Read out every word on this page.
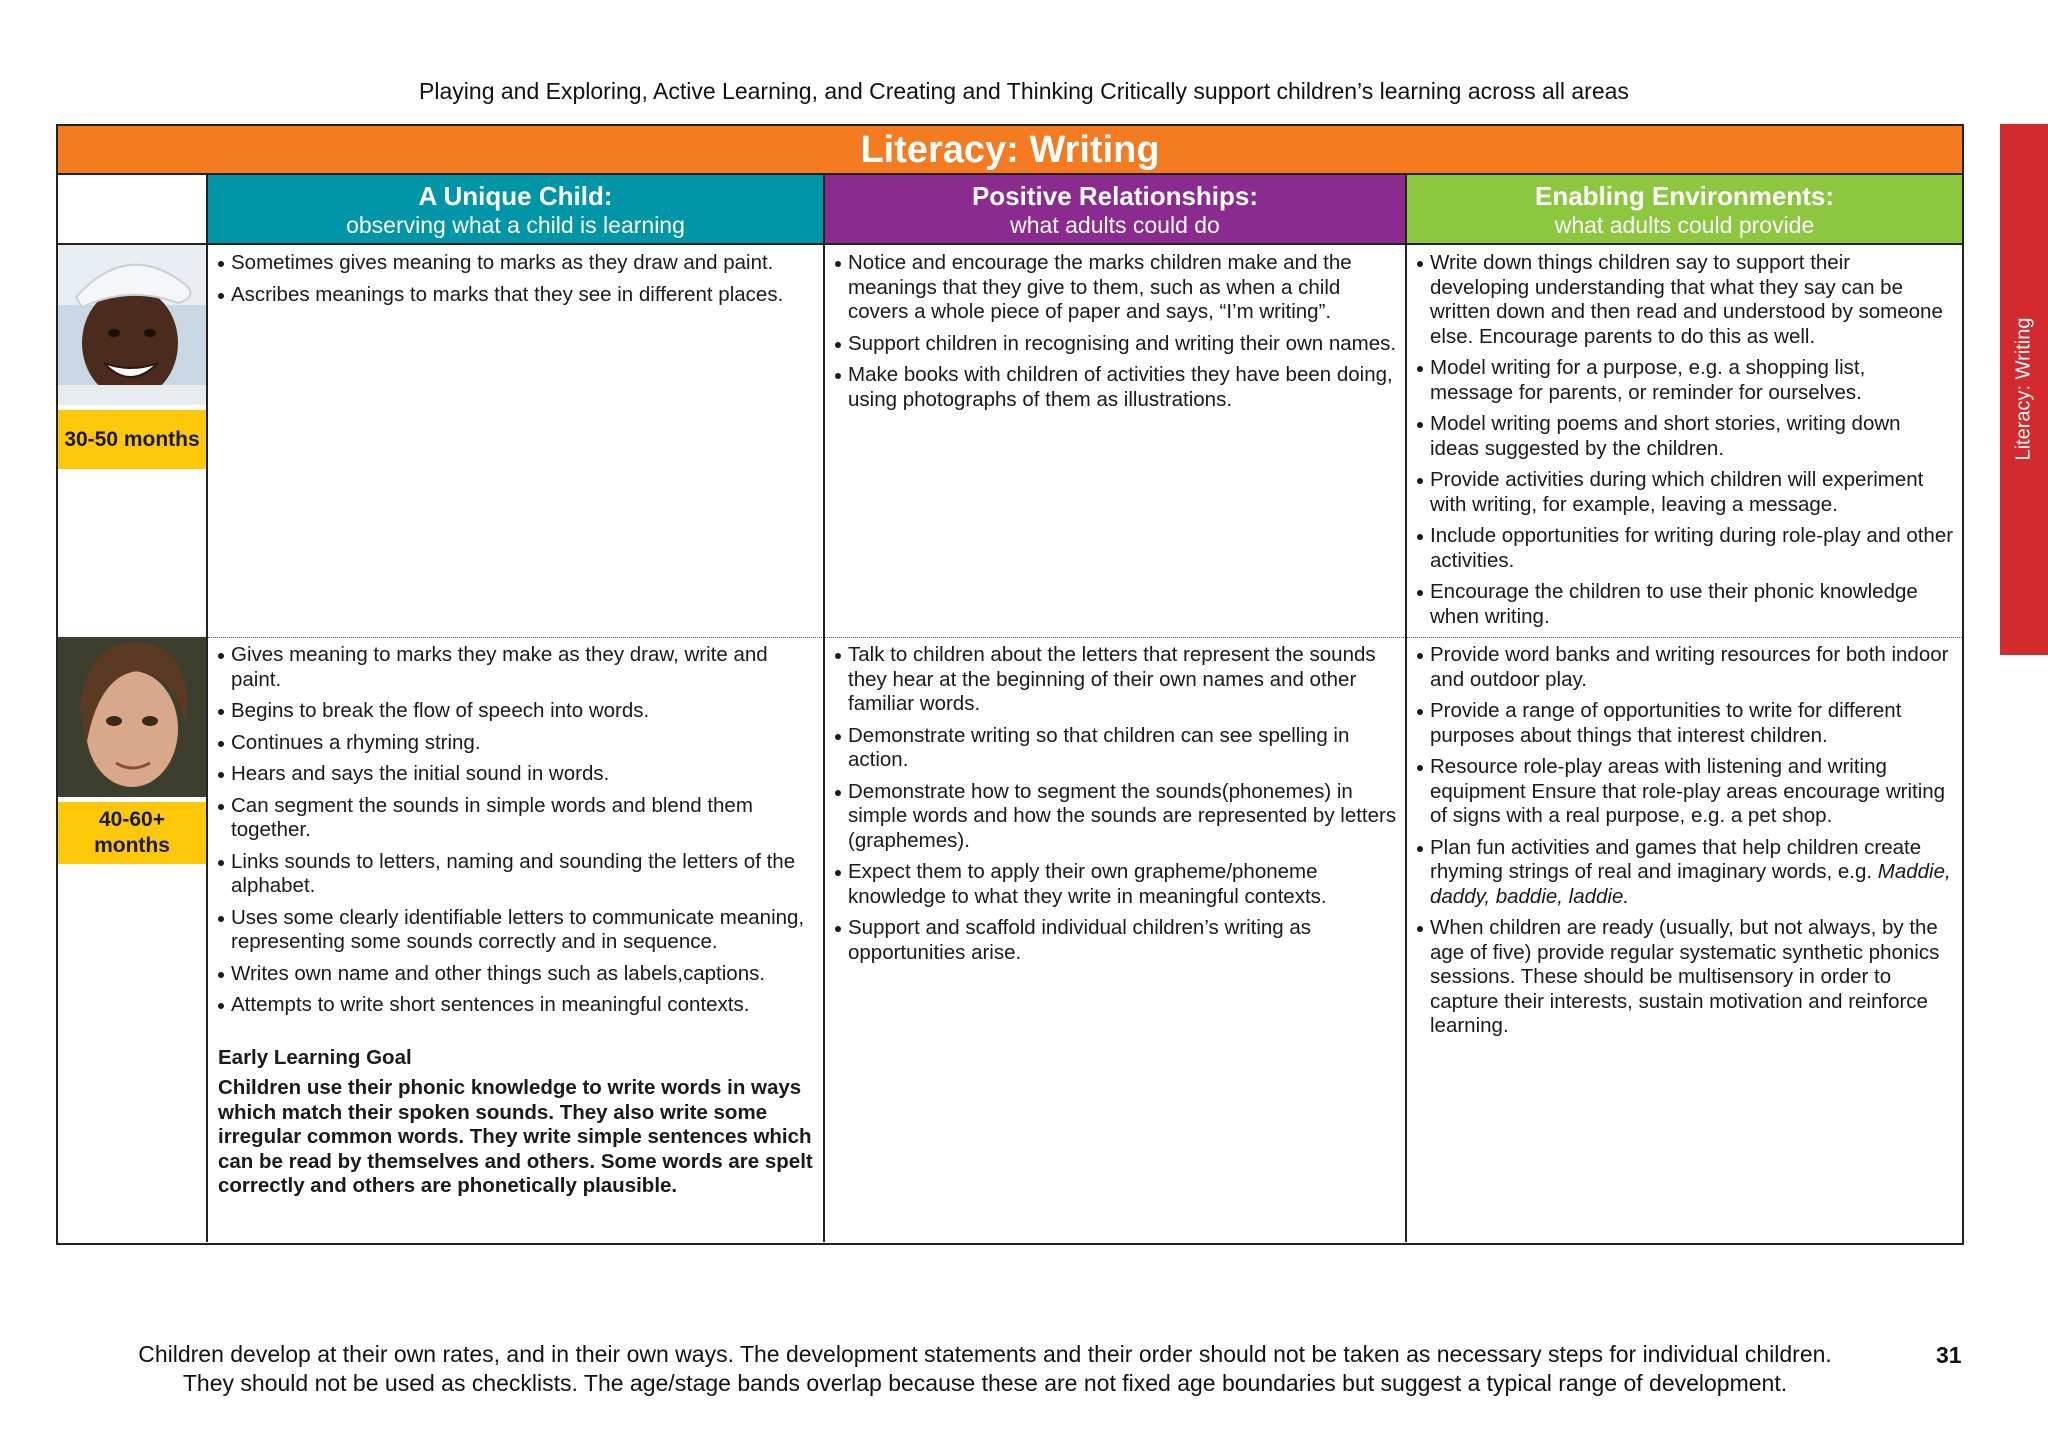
Playing and Exploring, Active Learning, and Creating and Thinking Critically support children’s learning across all areas
Literacy: Writing
Literacy: Writing
A Unique Child:
observing what a child is learning
Positive Relationships:
what adults could do
Enabling Environments:
what adults could provide
30-50 months
Sometimes gives meaning to marks as they draw and paint.
Ascribes meanings to marks that they see in different places.
Notice and encourage the marks children make and the meanings that they give to them, such as when a child covers a whole piece of paper and says, “I’m writing”.
Support children in recognising and writing their own names.
Make books with children of activities they have been doing, using photographs of them as illustrations.
Write down things children say to support their developing understanding that what they say can be written down and then read and understood by someone else. Encourage parents to do this as well.
Model writing for a purpose, e.g. a shopping list, message for parents, or reminder for ourselves.
Model writing poems and short stories, writing down ideas suggested by the children.
Provide activities during which children will experiment with writing, for example, leaving a message.
Include opportunities for writing during role-play and other activities.
Encourage the children to use their phonic knowledge when writing.
40-60+
months
Gives meaning to marks they make as they draw, write and paint.
Begins to break the flow of speech into words.
Continues a rhyming string.
Hears and says the initial sound in words.
Can segment the sounds in simple words and blend them together.
Links sounds to letters, naming and sounding the letters of the alphabet.
Uses some clearly identifiable letters to communicate meaning, representing some sounds correctly and in sequence.
Writes own name and other things such as labels,captions.
Attempts to write short sentences in meaningful contexts.
Early Learning Goal
Children use their phonic knowledge to write words in ways which match their spoken sounds. They also write some irregular common words. They write simple sentences which can be read by themselves and others. Some words are spelt correctly and others are phonetically plausible.
Talk to children about the letters that represent the sounds they hear at the beginning of their own names and other familiar words.
Demonstrate writing so that children can see spelling in action.
Demonstrate how to segment the sounds(phonemes) in simple words and how the sounds are represented by letters (graphemes).
Expect them to apply their own grapheme/phoneme knowledge to what they write in meaningful contexts.
Support and scaffold individual children’s writing as opportunities arise.
Provide word banks and writing resources for both indoor and outdoor play.
Provide a range of opportunities to write for different purposes about things that interest children.
Resource role-play areas with listening and writing equipment Ensure that role-play areas encourage writing of signs with a real purpose, e.g. a pet shop.
Plan fun activities and games that help children create rhyming strings of real and imaginary words, e.g. Maddie, daddy, baddie, laddie.
When children are ready (usually, but not always, by the age of five) provide regular systematic synthetic phonics sessions. These should be multisensory in order to capture their interests, sustain motivation and reinforce learning.
Children develop at their own rates, and in their own ways. The development statements and their order should not be taken as necessary steps for individual children.
They should not be used as checklists. The age/stage bands overlap because these are not fixed age boundaries but suggest a typical range of development.
31
